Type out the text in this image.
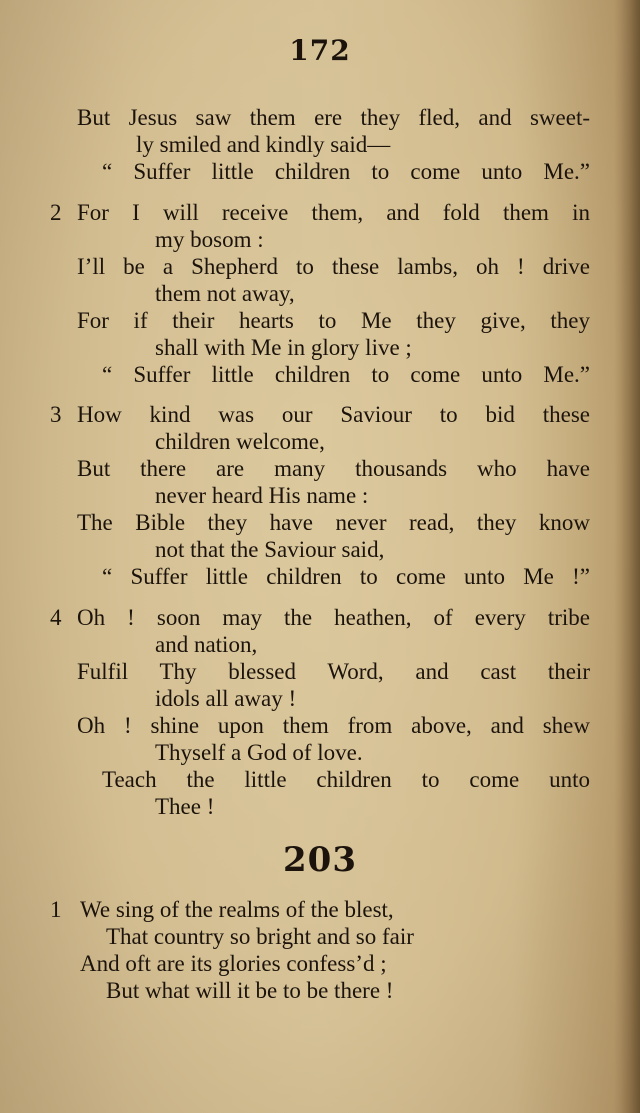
172
But Jesus saw them ere they fled, and sweet-
ly smiled and kindly said—
“ Suffer little children to come unto Me.”
2 For I will receive them, and fold them in
my bosom :
I’ll be a Shepherd to these lambs, oh ! drive
them not away,
For if their hearts to Me they give, they
shall with Me in glory live ;
“ Suffer little children to come unto Me.”
3 How kind was our Saviour to bid these
children welcome,
But there are many thousands who have
never heard His name :
The Bible they have never read, they know
not that the Saviour said,
“ Suffer little children to come unto Me !”
4 Oh ! soon may the heathen, of every tribe
and nation,
Fulfil Thy blessed Word, and cast their
idols all away !
Oh ! shine upon them from above, and shew
Thyself a God of love.
Teach the little children to come unto
Thee !
203
1 We sing of the realms of the blest,
That country so bright and so fair
And oft are its glories confess’d ;
But what will it be to be there !
